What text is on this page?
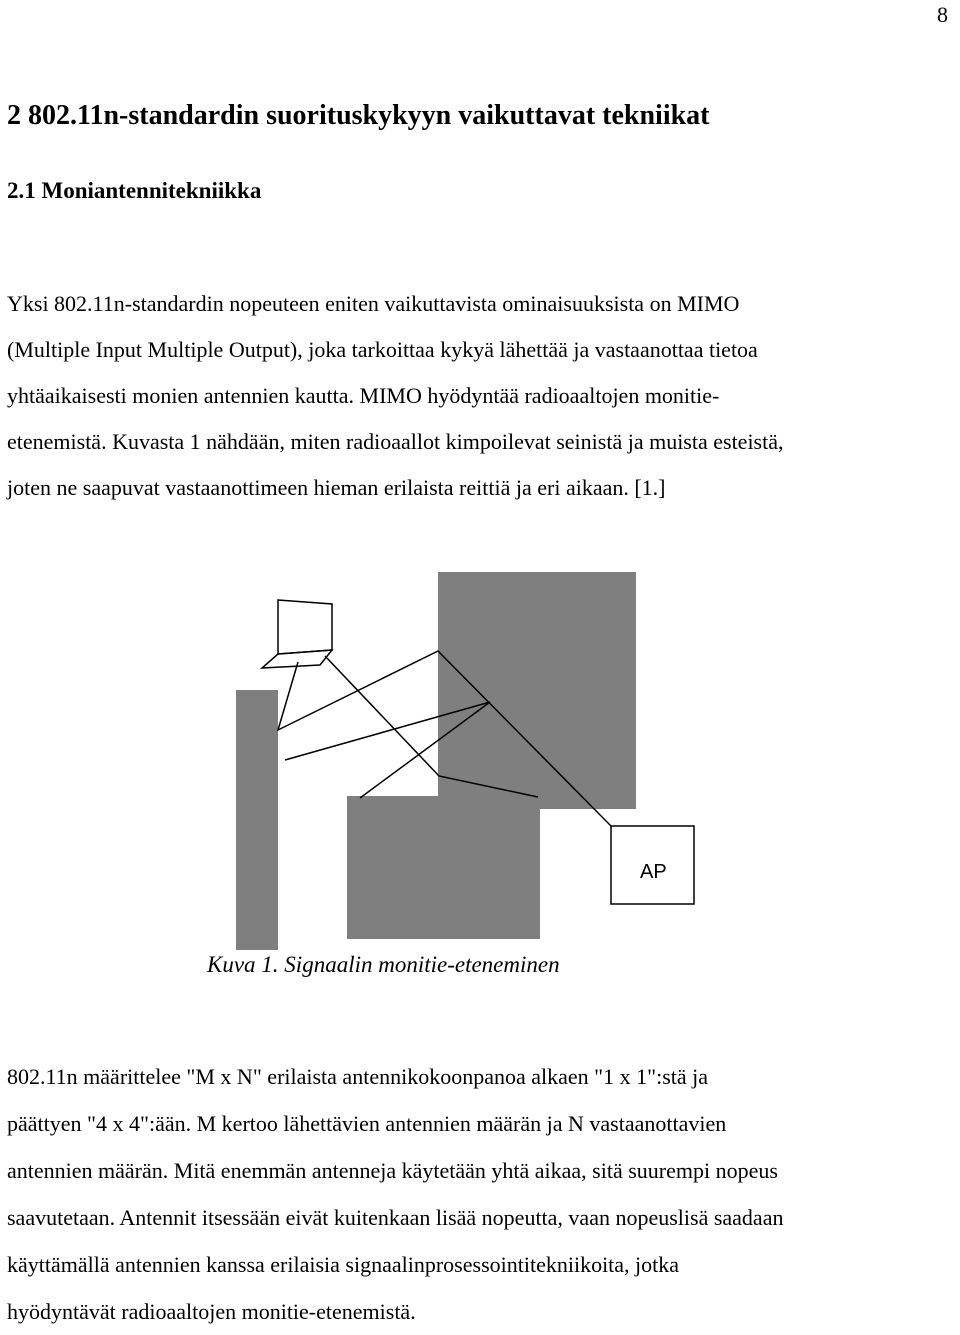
8
2 802.11n-standardin suorituskykyyn vaikuttavat tekniikat
2.1 Moniantennitekniikka
Yksi 802.11n-standardin nopeuteen eniten vaikuttavista ominaisuuksista on MIMO
(Multiple Input Multiple Output), joka tarkoittaa kykyä lähettää ja vastaanottaa tietoa
yhtäaikaisesti monien antennien kautta. MIMO hyödyntää radioaaltojen monitie-
etenemistä. Kuvasta 1 nähdään, miten radioaallot kimpoilevat seinistä ja muista esteistä,
joten ne saapuvat vastaanottimeen hieman erilaista reittiä ja eri aikaan. [1.]
AP
Kuva 1. Signaalin monitie-eteneminen
802.11n määrittelee "M x N" erilaista antennikokoonpanoa alkaen "1 x 1":stä ja
päättyen "4 x 4":ään. M kertoo lähettävien antennien määrän ja N vastaanottavien
antennien määrän. Mitä enemmän antenneja käytetään yhtä aikaa, sitä suurempi nopeus
saavutetaan. Antennit itsessään eivät kuitenkaan lisää nopeutta, vaan nopeuslisä saadaan
käyttämällä antennien kanssa erilaisia signaalinprosessointitekniikoita, jotka
hyödyntävät radioaaltojen monitie-etenemistä.
